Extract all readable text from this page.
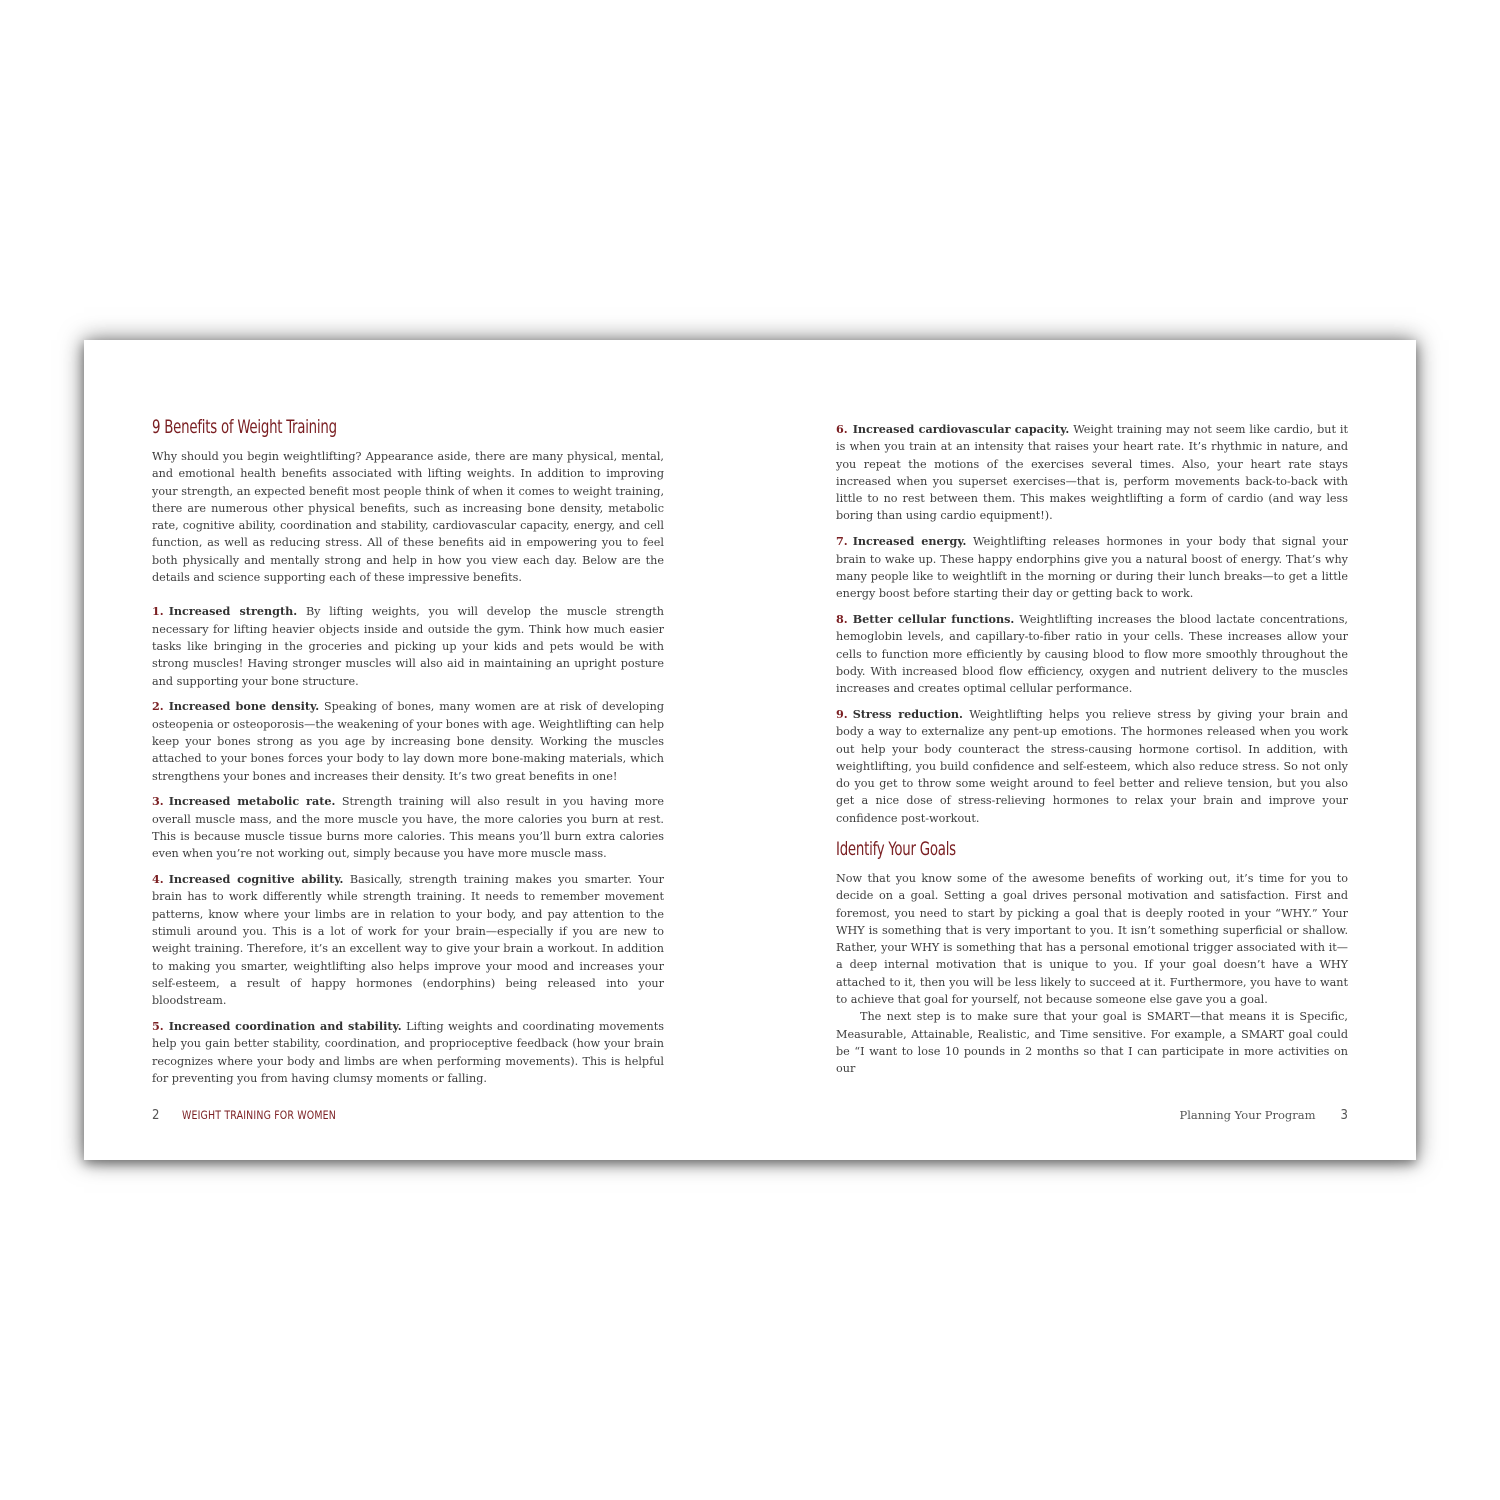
9 Benefits of Weight Training

Why should you begin weightlifting? Appearance aside, there are many physical, mental, and emotional health benefits associated with lifting weights. In addition to improving your strength, an expected benefit most people think of when it comes to weight training, there are numerous other physical benefits, such as increasing bone density, metabolic rate, cognitive ability, coordination and stability, cardiovascular capacity, energy, and cell function, as well as reducing stress. All of these benefits aid in empowering you to feel both physically and mentally strong and help in how you view each day. Below are the details and science supporting each of these impressive benefits.

1. Increased strength. By lifting weights, you will develop the muscle strength necessary for lifting heavier objects inside and outside the gym. Think how much easier tasks like bringing in the groceries and picking up your kids and pets would be with strong muscles! Having stronger muscles will also aid in maintaining an upright posture and supporting your bone structure.

2. Increased bone density. Speaking of bones, many women are at risk of developing osteopenia or osteoporosis—the weakening of your bones with age. Weightlifting can help keep your bones strong as you age by increasing bone density. Working the muscles attached to your bones forces your body to lay down more bone-making materials, which strengthens your bones and increases their density. It’s two great benefits in one!

3. Increased metabolic rate. Strength training will also result in you having more overall muscle mass, and the more muscle you have, the more calories you burn at rest. This is because muscle tissue burns more calories. This means you’ll burn extra calories even when you’re not working out, simply because you have more muscle mass.

4. Increased cognitive ability. Basically, strength training makes you smarter. Your brain has to work differently while strength training. It needs to remember movement patterns, know where your limbs are in relation to your body, and pay attention to the stimuli around you. This is a lot of work for your brain—especially if you are new to weight training. Therefore, it’s an excellent way to give your brain a workout. In addition to making you smarter, weightlifting also helps improve your mood and increases your self-esteem, a result of happy hormones (endorphins) being released into your bloodstream.

5. Increased coordination and stability. Lifting weights and coordinating movements help you gain better stability, coordination, and proprioceptive feedback (how your brain recognizes where your body and limbs are when performing movements). This is helpful for preventing you from having clumsy moments or falling.

2 WEIGHT TRAINING FOR WOMEN

6. Increased cardiovascular capacity. Weight training may not seem like cardio, but it is when you train at an intensity that raises your heart rate. It’s rhythmic in nature, and you repeat the motions of the exercises several times. Also, your heart rate stays increased when you superset exercises—that is, perform movements back-to-back with little to no rest between them. This makes weightlifting a form of cardio (and way less boring than using cardio equipment!).

7. Increased energy. Weightlifting releases hormones in your body that signal your brain to wake up. These happy endorphins give you a natural boost of energy. That’s why many people like to weightlift in the morning or during their lunch breaks—to get a little energy boost before starting their day or getting back to work.

8. Better cellular functions. Weightlifting increases the blood lactate concentrations, hemoglobin levels, and capillary-to-fiber ratio in your cells. These increases allow your cells to function more efficiently by causing blood to flow more smoothly throughout the body. With increased blood flow efficiency, oxygen and nutrient delivery to the muscles increases and creates optimal cellular performance.

9. Stress reduction. Weightlifting helps you relieve stress by giving your brain and body a way to externalize any pent-up emotions. The hormones released when you work out help your body counteract the stress-causing hormone cortisol. In addition, with weightlifting, you build confidence and self-esteem, which also reduce stress. So not only do you get to throw some weight around to feel better and relieve tension, but you also get a nice dose of stress-relieving hormones to relax your brain and improve your confidence post-workout.

Identify Your Goals

Now that you know some of the awesome benefits of working out, it’s time for you to decide on a goal. Setting a goal drives personal motivation and satisfaction. First and foremost, you need to start by picking a goal that is deeply rooted in your “WHY.” Your WHY is something that is very important to you. It isn’t something superficial or shallow. Rather, your WHY is something that has a personal emotional trigger associated with it—a deep internal motivation that is unique to you. If your goal doesn’t have a WHY attached to it, then you will be less likely to succeed at it. Furthermore, you have to want to achieve that goal for yourself, not because someone else gave you a goal.

The next step is to make sure that your goal is SMART—that means it is Specific, Measurable, Attainable, Realistic, and Time sensitive. For example, a SMART goal could be “I want to lose 10 pounds in 2 months so that I can participate in more activities on our

Planning Your Program 3
